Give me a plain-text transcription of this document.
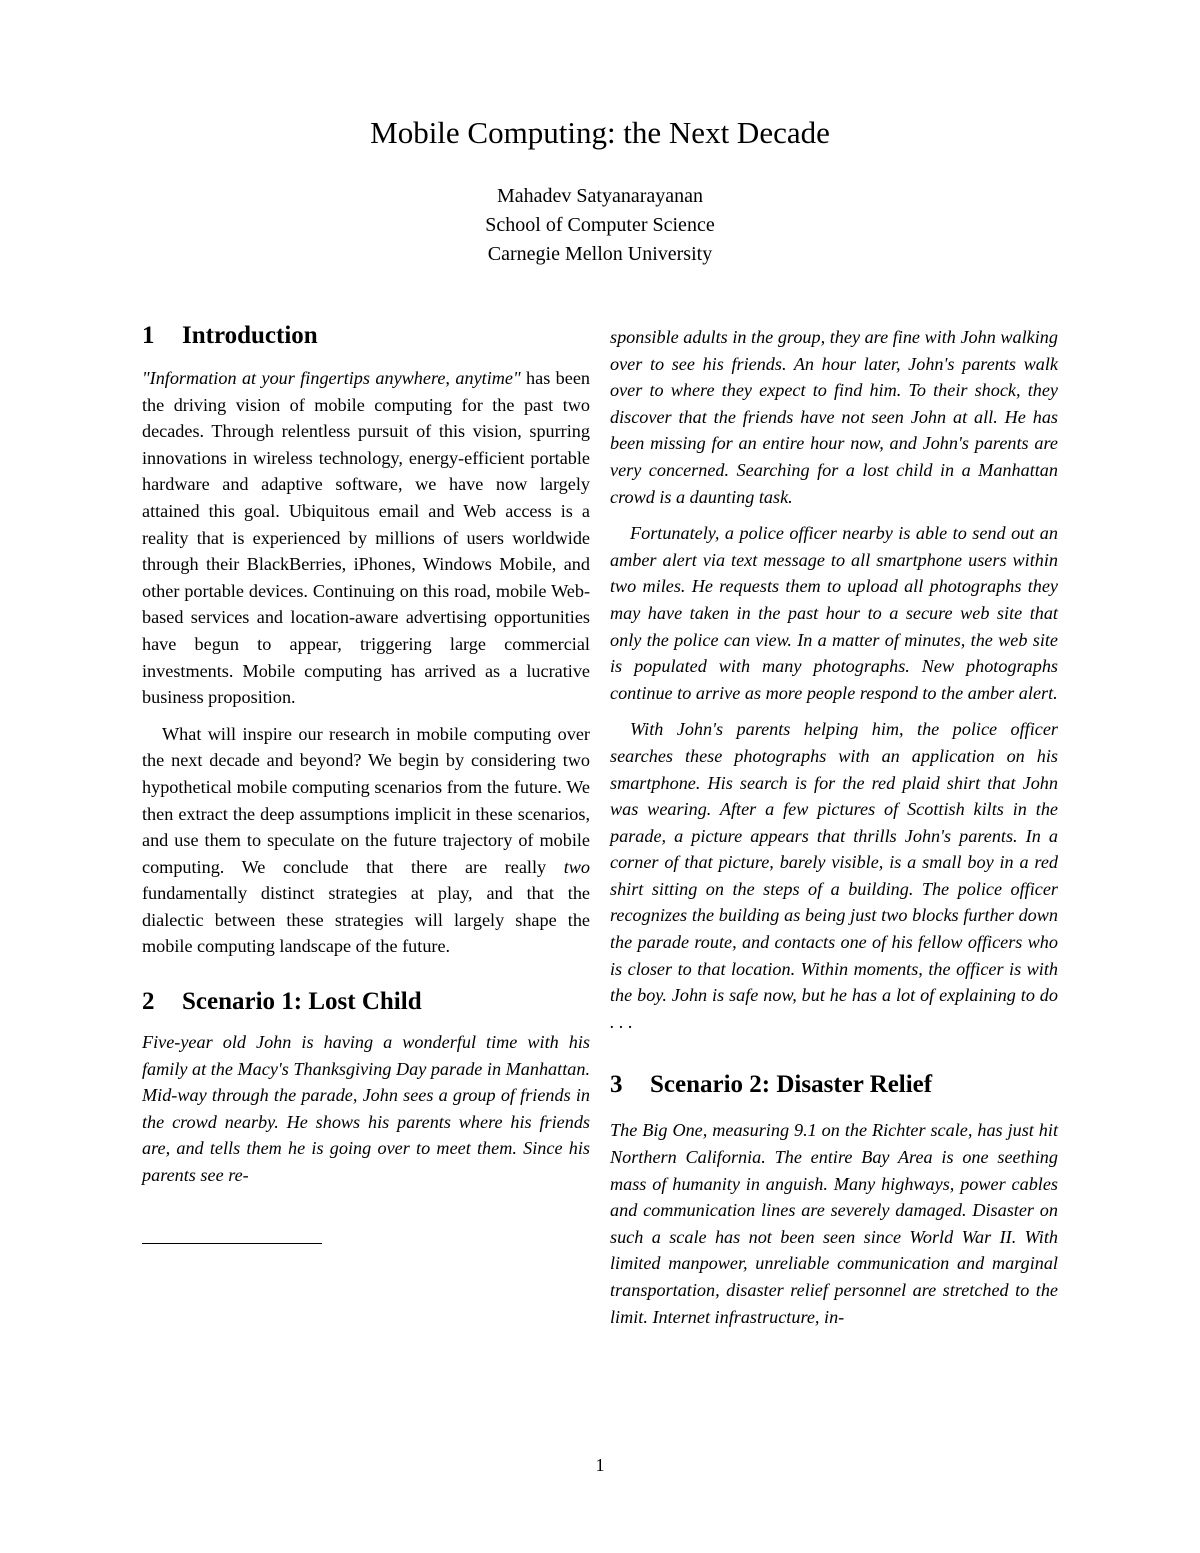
Mobile Computing: the Next Decade
Mahadev Satyanarayanan
School of Computer Science
Carnegie Mellon University
1 Introduction

"Information at your fingertips anywhere, anytime" has been the driving vision of mobile computing for the past two decades. Through relentless pursuit of this vision, spurring innovations in wireless technology, energy-efficient portable hardware and adaptive software, we have now largely attained this goal. Ubiquitous email and Web access is a reality that is experienced by millions of users worldwide through their BlackBerries, iPhones, Windows Mobile, and other portable devices. Continuing on this road, mobile Web-based services and location-aware advertising opportunities have begun to appear, triggering large commercial investments. Mobile computing has arrived as a lucrative business proposition.

What will inspire our research in mobile computing over the next decade and beyond? We begin by considering two hypothetical mobile computing scenarios from the future. We then extract the deep assumptions implicit in these scenarios, and use them to speculate on the future trajectory of mobile computing. We conclude that there are really two fundamentally distinct strategies at play, and that the dialectic between these strategies will largely shape the mobile computing landscape of the future.

2 Scenario 1: Lost Child

Five-year old John is having a wonderful time with his family at the Macy's Thanksgiving Day parade in Manhattan. Mid-way through the parade, John sees a group of friends in the crowd nearby. He shows his parents where his friends are, and tells them he is going over to meet them. Since his parents see re-

sponsible adults in the group, they are fine with John walking over to see his friends. An hour later, John's parents walk over to where they expect to find him. To their shock, they discover that the friends have not seen John at all. He has been missing for an entire hour now, and John's parents are very concerned. Searching for a lost child in a Manhattan crowd is a daunting task.

Fortunately, a police officer nearby is able to send out an amber alert via text message to all smartphone users within two miles. He requests them to upload all photographs they may have taken in the past hour to a secure web site that only the police can view. In a matter of minutes, the web site is populated with many photographs. New photographs continue to arrive as more people respond to the amber alert.

With John's parents helping him, the police officer searches these photographs with an application on his smartphone. His search is for the red plaid shirt that John was wearing. After a few pictures of Scottish kilts in the parade, a picture appears that thrills John's parents. In a corner of that picture, barely visible, is a small boy in a red shirt sitting on the steps of a building. The police officer recognizes the building as being just two blocks further down the parade route, and contacts one of his fellow officers who is closer to that location. Within moments, the officer is with the boy. John is safe now, but he has a lot of explaining to do . . .

3 Scenario 2: Disaster Relief

The Big One, measuring 9.1 on the Richter scale, has just hit Northern California. The entire Bay Area is one seething mass of humanity in anguish. Many highways, power cables and communication lines are severely damaged. Disaster on such a scale has not been seen since World War II. With limited manpower, unreliable communication and marginal transportation, disaster relief personnel are stretched to the limit. Internet infrastructure, in-

1
